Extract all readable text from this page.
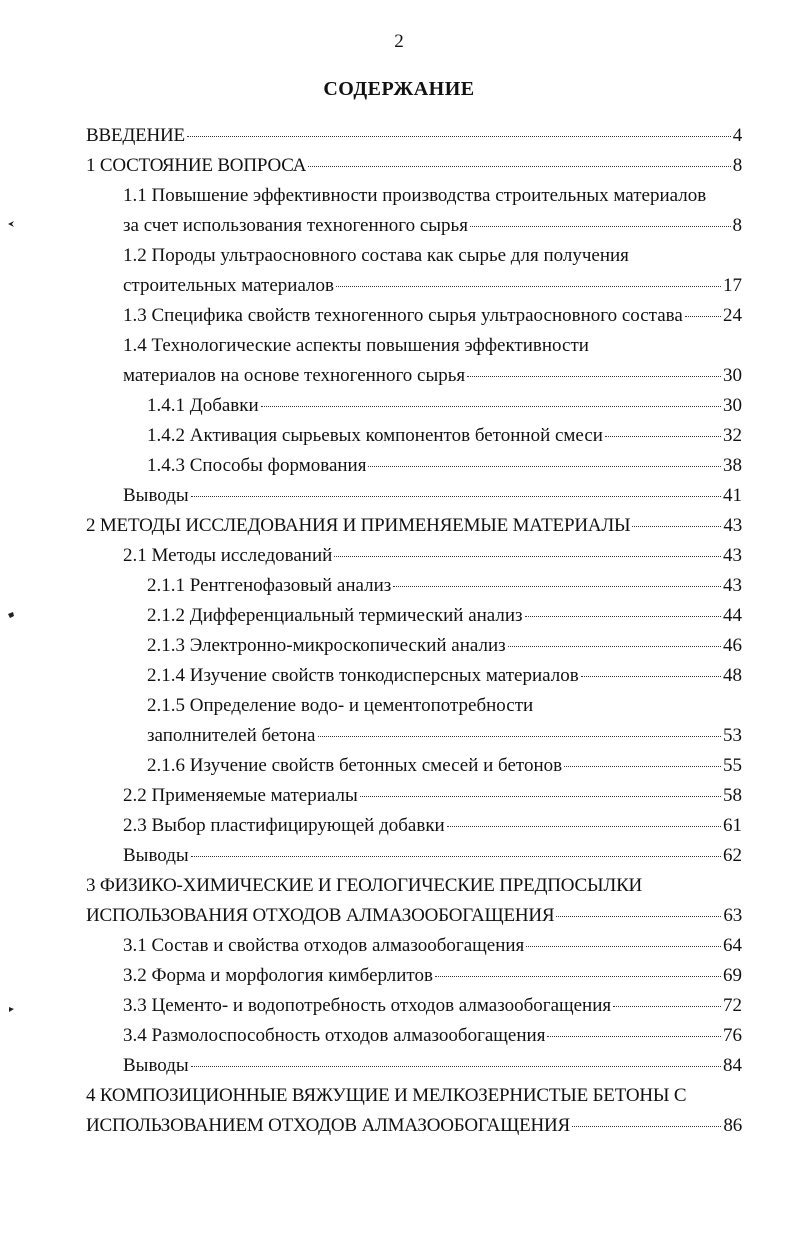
2
СОДЕРЖАНИЕ
ВВЕДЕНИЕ	4
1 СОСТОЯНИЕ ВОПРОСА	8
1.1 Повышение эффективности производства строительных материалов
за счет использования техногенного сырья	8
1.2 Породы ультраосновного состава как сырье для получения
строительных материалов	17
1.3 Специфика свойств техногенного сырья ультраосновного состава 24
1.4 Технологические аспекты повышения эффективности
материалов на основе техногенного сырья	30
1.4.1 Добавки	30
1.4.2 Активация сырьевых компонентов бетонной смеси	32
1.4.3 Способы формования	38
Выводы	41
2 МЕТОДЫ ИССЛЕДОВАНИЯ И ПРИМЕНЯЕМЫЕ МАТЕРИАЛЫ	43
2.1 Методы исследований	43
2.1.1 Рентгенофазовый анализ	43
2.1.2 Дифференциальный термический анализ	44
2.1.3 Электронно-микроскопический анализ	46
2.1.4 Изучение свойств тонкодисперсных материалов	48
2.1.5 Определение водо- и цементопотребности
заполнителей бетона	53
2.1.6 Изучение свойств бетонных смесей и бетонов	55
2.2 Применяемые материалы	58
2.3 Выбор пластифицирующей добавки	61
Выводы	62
3 ФИЗИКО-ХИМИЧЕСКИЕ И ГЕОЛОГИЧЕСКИЕ ПРЕДПОСЫЛКИ
ИСПОЛЬЗОВАНИЯ ОТХОДОВ АЛМАЗООБОГАЩЕНИЯ	63
3.1 Состав и свойства отходов алмазообогащения	64
3.2 Форма и морфология кимберлитов	69
3.3 Цементо- и водопотребность отходов алмазообогащения	72
3.4 Размолоспособность отходов алмазообогащения	76
Выводы	84
4 КОМПОЗИЦИОННЫЕ ВЯЖУЩИЕ И МЕЛКОЗЕРНИСТЫЕ БЕТОНЫ С
ИСПОЛЬЗОВАНИЕМ ОТХОДОВ АЛМАЗООБОГАЩЕНИЯ	86
